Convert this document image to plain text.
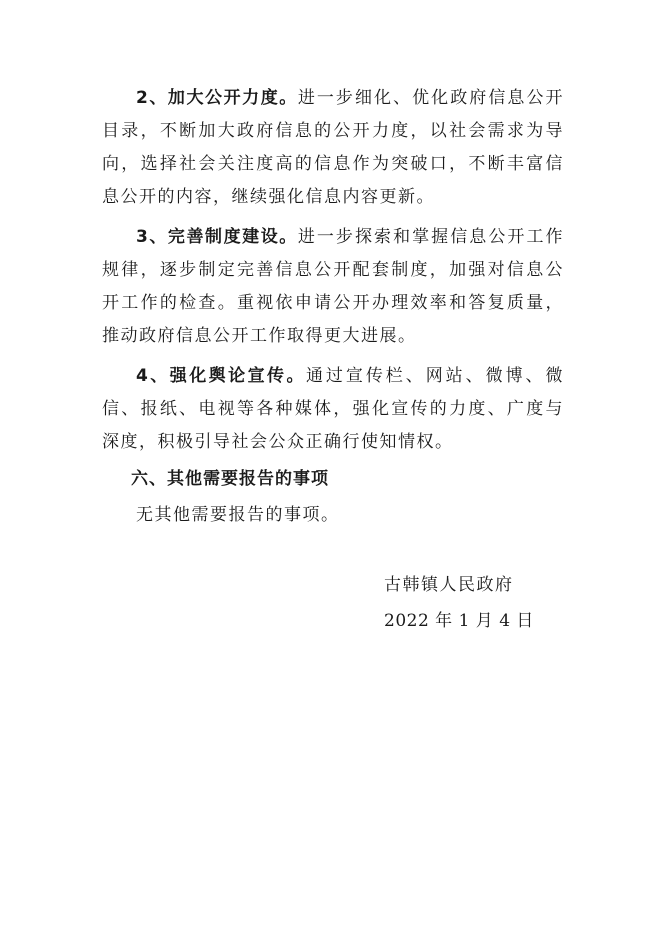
2、加大公开力度。进一步细化、优化政府信息公开目录，不断加大政府信息的公开力度，以社会需求为导向，选择社会关注度高的信息作为突破口，不断丰富信息公开的内容，继续强化信息内容更新。

3、完善制度建设。进一步探索和掌握信息公开工作规律，逐步制定完善信息公开配套制度，加强对信息公开工作的检查。重视依申请公开办理效率和答复质量，推动政府信息公开工作取得更大进展。

4、强化舆论宣传。通过宣传栏、网站、微博、微信、报纸、电视等各种媒体，强化宣传的力度、广度与深度，积极引导社会公众正确行使知情权。

六、其他需要报告的事项

无其他需要报告的事项。

古韩镇人民政府

2022 年 1 月 4 日
